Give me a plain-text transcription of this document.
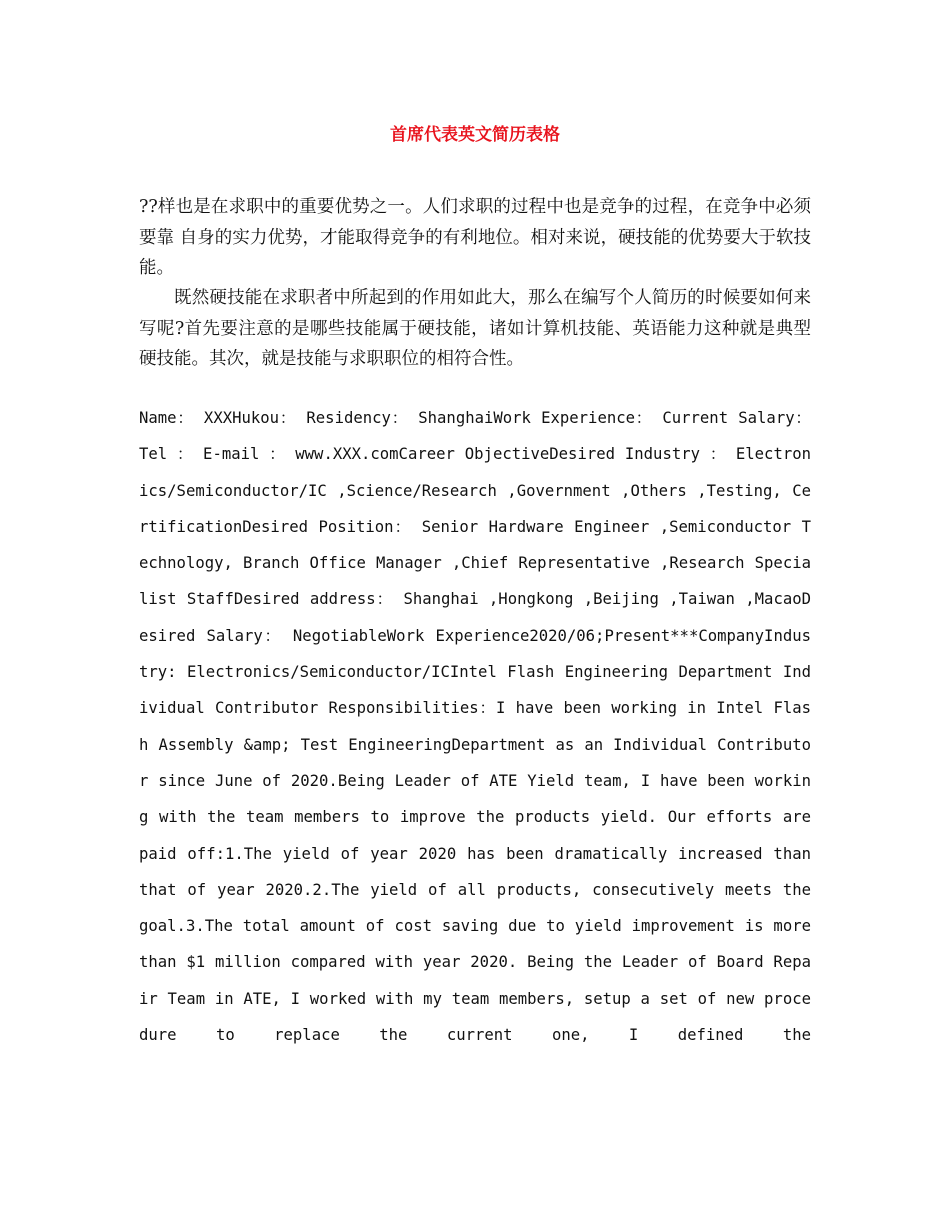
首席代表英文简历表格

??样也是在求职中的重要优势之一。人们求职的过程中也是竞争的过程，在竞争中必须要靠 自身的实力优势，才能取得竞争的有利地位。相对来说，硬技能的优势要大于软技能。

既然硬技能在求职者中所起到的作用如此大，那么在编写个人简历的时候要如何来写呢?首先要注意的是哪些技能属于硬技能，诸如计算机技能、英语能力这种就是典型硬技能。其次，就是技能与求职职位的相符合性。

Name： XXXHukou： Residency： ShanghaiWork Experience： Current Salary： Tel ： E-mail ： www.XXX.comCareer ObjectiveDesired Industry ： Electronics/Semiconductor/IC ,Science/Research ,Government ,Others ,Testing, CertificationDesired Position： Senior Hardware Engineer ,Semiconductor Technology, Branch Office Manager ,Chief Representative ,Research Specialist StaffDesired address： Shanghai ,Hongkong ,Beijing ,Taiwan ,MacaoDesired Salary： NegotiableWork Experience2020/06;Present***CompanyIndustry: Electronics/Semiconductor/ICIntel Flash Engineering Department Individual Contributor Responsibilities：I have been working in Intel Flash Assembly &amp; Test EngineeringDepartment as an Individual Contributor since June of 2020.Being Leader of ATE Yield team, I have been working with the team members to improve the products yield. Our efforts are paid off:1.The yield of year 2020 has been dramatically increased than that of year 2020.2.The yield of all products, consecutively meets the goal.3.The total amount of cost saving due to yield improvement is more than $1 million compared with year 2020. Being the Leader of Board Repair Team in ATE, I worked with my team members, setup a set of new procedure to replace the current one, I defined the
